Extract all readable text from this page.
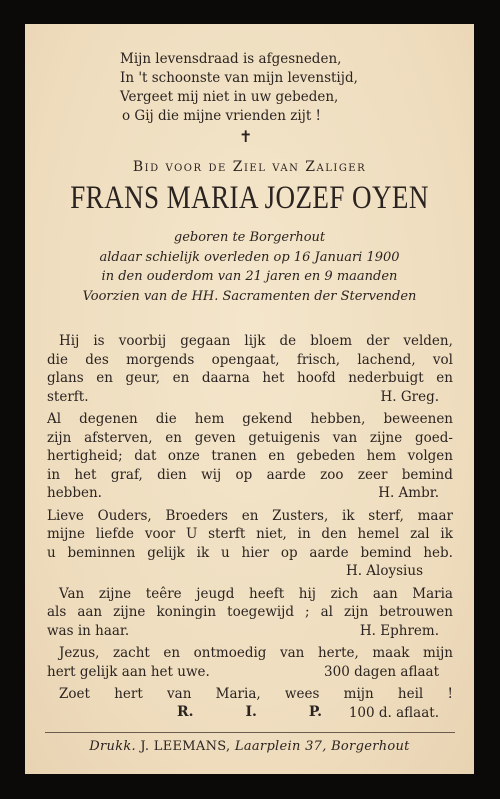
Mijn levensdraad is afgesneden,
In 't schoonste van mijn levenstijd,
Vergeet mij niet in uw gebeden,
o Gij die mijne vrienden zijt !
✝
Bid voor de Ziel van Zaliger
FRANS MARIA JOZEF OYEN
geboren te Borgerhout
aldaar schielijk overleden op 16 Januari 1900
in den ouderdom van 21 jaren en 9 maanden
Voorzien van de HH. Sacramenten der Stervenden
Hij is voorbij gegaan lijk de bloem der velden,
die des morgends opengaat, frisch, lachend, vol
glans en geur, en daarna het hoofd nederbuigt en
sterft.	H. Greg.
Al degenen die hem gekend hebben, beweenen
zijn afsterven, en geven getuigenis van zijne goed-
hertigheid; dat onze tranen en gebeden hem volgen
in het graf, dien wij op aarde zoo zeer bemind
hebben.	H. Ambr.
Lieve Ouders, Broeders en Zusters, ik sterf, maar
mijne liefde voor U sterft niet, in den hemel zal ik
u beminnen gelijk ik u hier op aarde bemind heb.
H. Aloysius
Van zijne teêre jeugd heeft hij zich aan Maria
als aan zijne koningin toegewijd ; al zijn betrouwen
was in haar.	H. Ephrem.
Jezus, zacht en ontmoedig van herte, maak mijn
hert gelijk aan het uwe.	300 dagen aflaat
Zoet hert van Maria, wees mijn heil !
100 d. aflaat.
R.	I.	P.
Drukk. J. LEEMANS, Laarplein 37, Borgerhout
